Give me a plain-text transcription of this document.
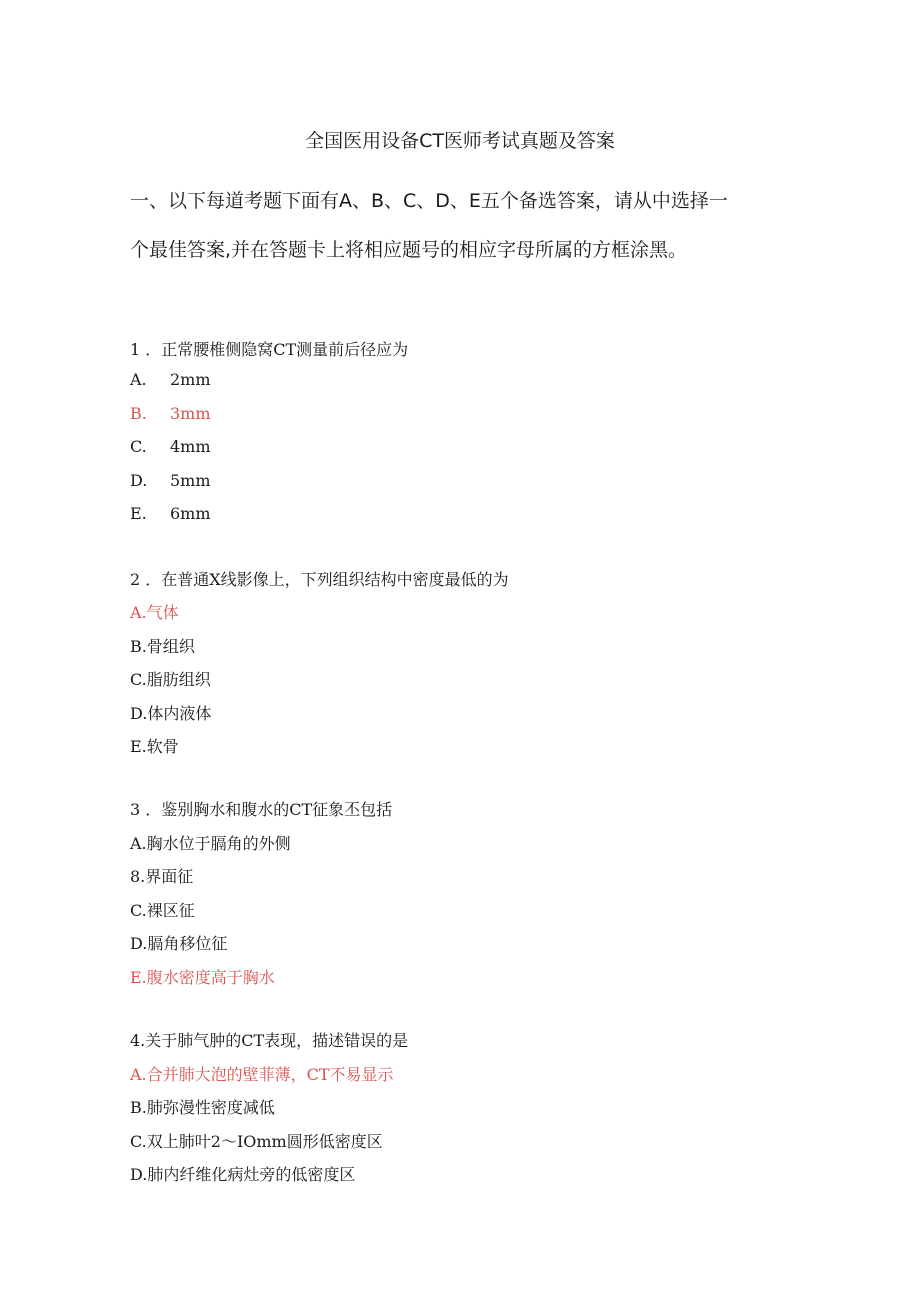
全国医用设备CT医师考试真题及答案
一、以下每道考题下面有A、B、C、D、E五个备选答案，请从中选择一
个最佳答案,并在答题卡上将相应题号的相应字母所属的方框涂黑。
1 ．正常腰椎侧隐窝CT测量前后径应为
A. 2mm
B. 3mm
C. 4mm
D. 5mm
E. 6mm
2 ．在普通X线影像上，下列组织结构中密度最低的为
A.气体
B.骨组织
C.脂肪组织
D.体内液体
E.软骨
3 ．鉴别胸水和腹水的CT征象丕包括
A.胸水位于膈角的外侧
8.界面征
C.裸区征
D.膈角移位征
E.腹水密度高于胸水
4.关于肺气肿的CT表现，描述错误的是
A.合并肺大泡的壁菲薄，CT不易显示
B.肺弥漫性密度减低
C.双上肺叶2～IOmm圆形低密度区
D.肺内纤维化病灶旁的低密度区
